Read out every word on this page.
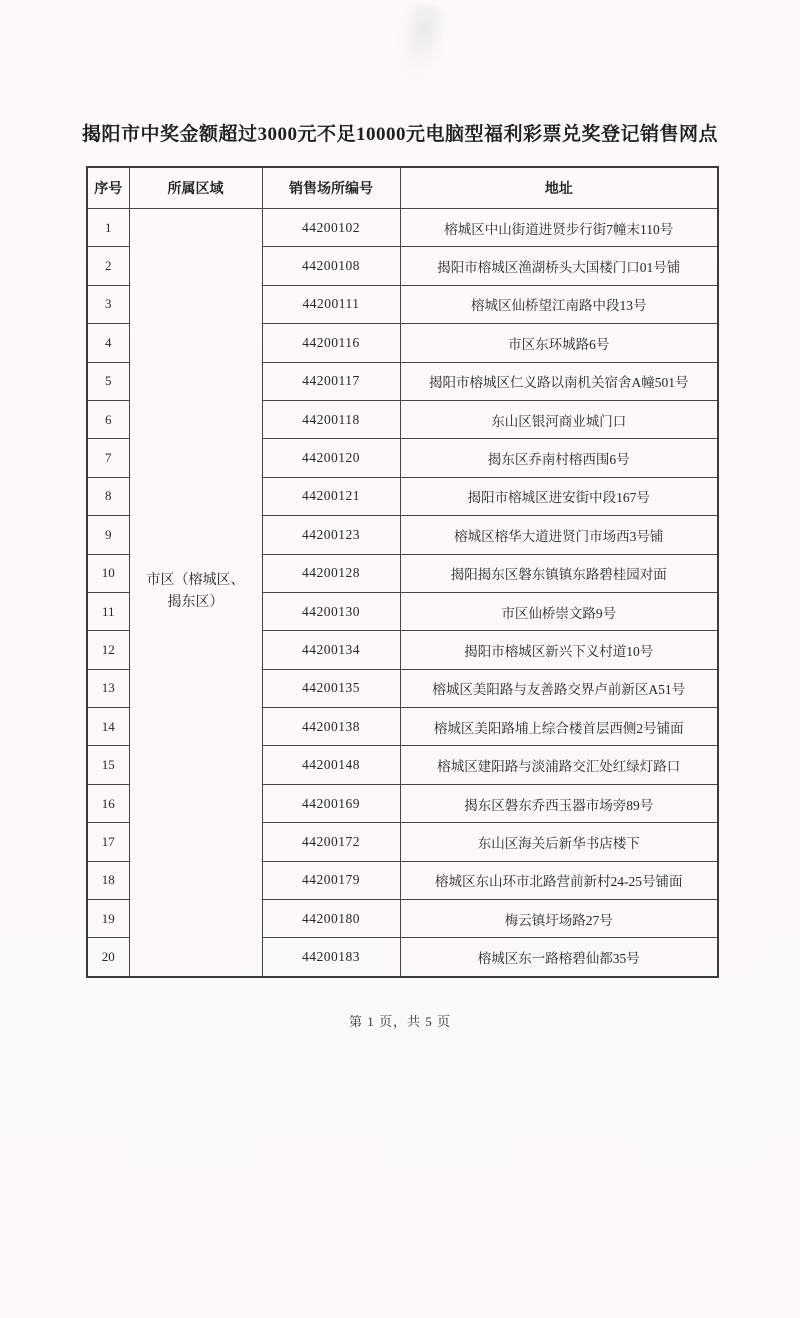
揭阳市中奖金额超过3000元不足10000元电脑型福利彩票兑奖登记销售网点
序号	所属区域	销售场所编号	地址
1	市区（榕城区、揭东区）	44200102	榕城区中山街道进贤步行街7幢末110号
2		44200108	揭阳市榕城区渔湖桥头大国楼门口01号铺
3		44200111	榕城区仙桥望江南路中段13号
4		44200116	市区东环城路6号
5		44200117	揭阳市榕城区仁义路以南机关宿舍A幢501号
6		44200118	东山区银河商业城门口
7		44200120	揭东区乔南村榕西围6号
8		44200121	揭阳市榕城区进安街中段167号
9		44200123	榕城区榕华大道进贤门市场西3号铺
10		44200128	揭阳揭东区磐东镇镇东路碧桂园对面
11		44200130	市区仙桥崇文路9号
12		44200134	揭阳市榕城区新兴下义村道10号
13		44200135	榕城区美阳路与友善路交界卢前新区A51号
14		44200138	榕城区美阳路埔上综合楼首层西侧2号铺面
15		44200148	榕城区建阳路与淡浦路交汇处红绿灯路口
16		44200169	揭东区磐东乔西玉器市场旁89号
17		44200172	东山区海关后新华书店楼下
18		44200179	榕城区东山环市北路营前新村24-25号铺面
19		44200180	梅云镇圩场路27号
20		44200183	榕城区东一路榕碧仙都35号
第 1 页，共 5 页
